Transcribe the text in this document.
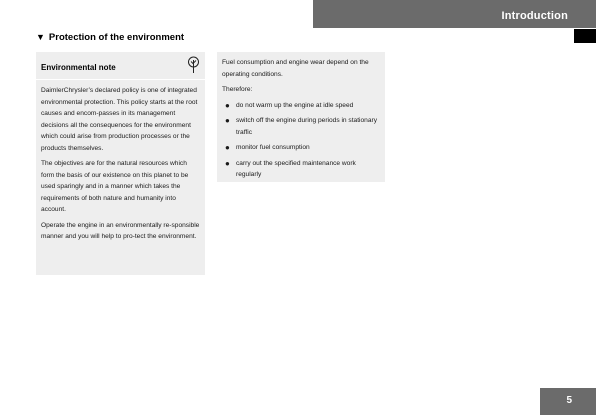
Introduction
▼ Protection of the environment
Environmental note

DaimlerChrysler’s declared policy is one of integrated environmental protection. This policy starts at the root causes and encom-passes in its management decisions all the consequences for the environment which could arise from production processes or the products themselves.

The objectives are for the natural resources which form the basis of our existence on this planet to be used sparingly and in a manner which takes the requirements of both nature and humanity into account.

Operate the engine in an environmentally re-sponsible manner and you will help to pro-tect the environment.

Fuel consumption and engine wear depend on the operating conditions.

Therefore:

● do not warm up the engine at idle speed
● switch off the engine during periods in stationary traffic
● monitor fuel consumption
● carry out the specified maintenance work regularly
5
